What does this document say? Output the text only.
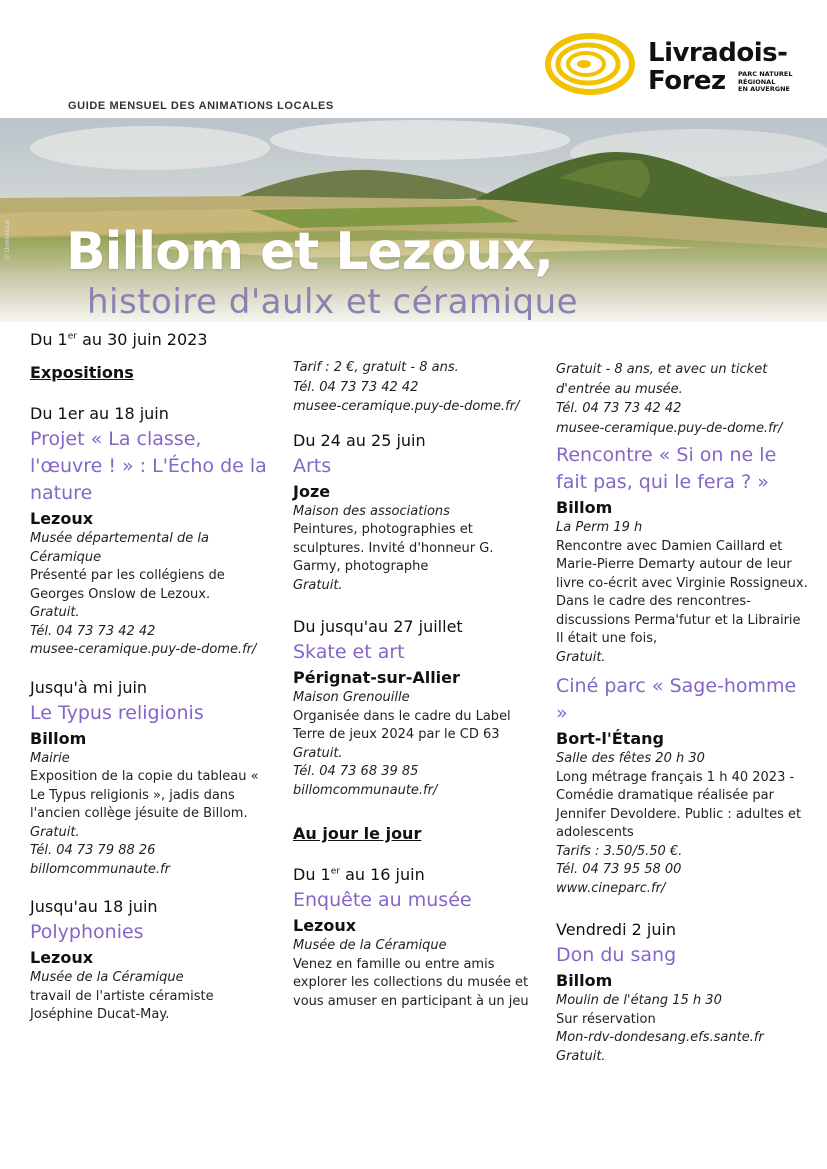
Livradois-
Forez PARC NATUREL
RÉGIONAL
EN AUVERGNE
GUIDE MENSUEL DES ANIMATIONS LOCALES
© Dominique Billom et Lezoux,
histoire d'aulx et céramique
Du 1er au 30 juin 2023
Expositions
Du 1er au 18 juin
Projet « La classe, l'œuvre ! » : L'Écho de la nature
Lezoux
Musée départemental de la Céramique
Présenté par les collégiens de Georges Onslow de Lezoux.
Gratuit.
Tél. 04 73 73 42 42
musee-ceramique.puy-de-dome.fr/
Jusqu'à mi juin
Le Typus religionis
Billom
Mairie
Exposition de la copie du tableau « Le Typus religionis », jadis dans l'ancien collège jésuite de Billom.
Gratuit.
Tél. 04 73 79 88 26
billomcommunaute.fr
Jusqu'au 18 juin
Polyphonies
Lezoux
Musée de la Céramique
travail de l'artiste céramiste Joséphine Ducat-May.
Tarif : 2 €, gratuit - 8 ans.
Tél. 04 73 73 42 42
musee-ceramique.puy-de-dome.fr/
Du 24 au 25 juin
Arts
Joze
Maison des associations
Peintures, photographies et sculptures. Invité d'honneur G. Garmy, photographe
Gratuit.
Du jusqu'au 27 juillet
Skate et art
Pérignat-sur-Allier
Maison Grenouille
Organisée dans le cadre du Label Terre de jeux 2024 par le CD 63
Gratuit.
Tél. 04 73 68 39 85
billomcommunaute.fr/
Au jour le jour
Du 1er au 16 juin
Enquête au musée
Lezoux
Musée de la Céramique
Venez en famille ou entre amis explorer les collections du musée et vous amuser en participant à un jeu
Gratuit - 8 ans, et avec un ticket d'entrée au musée.
Tél. 04 73 73 42 42
musee-ceramique.puy-de-dome.fr/
Rencontre « Si on ne le fait pas, qui le fera ? »
Billom
La Perm 19 h
Rencontre avec Damien Caillard et Marie-Pierre Demarty autour de leur livre co-écrit avec Virginie Rossigneux. Dans le cadre des rencontres-discussions Perma'futur et la Librairie Il était une fois,
Gratuit.
Ciné parc « Sage-homme »
Bort-l'Étang
Salle des fêtes 20 h 30
Long métrage français 1 h 40 2023 - Comédie dramatique réalisée par Jennifer Devoldere. Public : adultes et adolescents
Tarifs : 3.50/5.50 €.
Tél. 04 73 95 58 00
www.cineparc.fr/
Vendredi 2 juin
Don du sang
Billom
Moulin de l'étang 15 h 30
Sur réservation
Mon-rdv-dondesang.efs.sante.fr
Gratuit.
